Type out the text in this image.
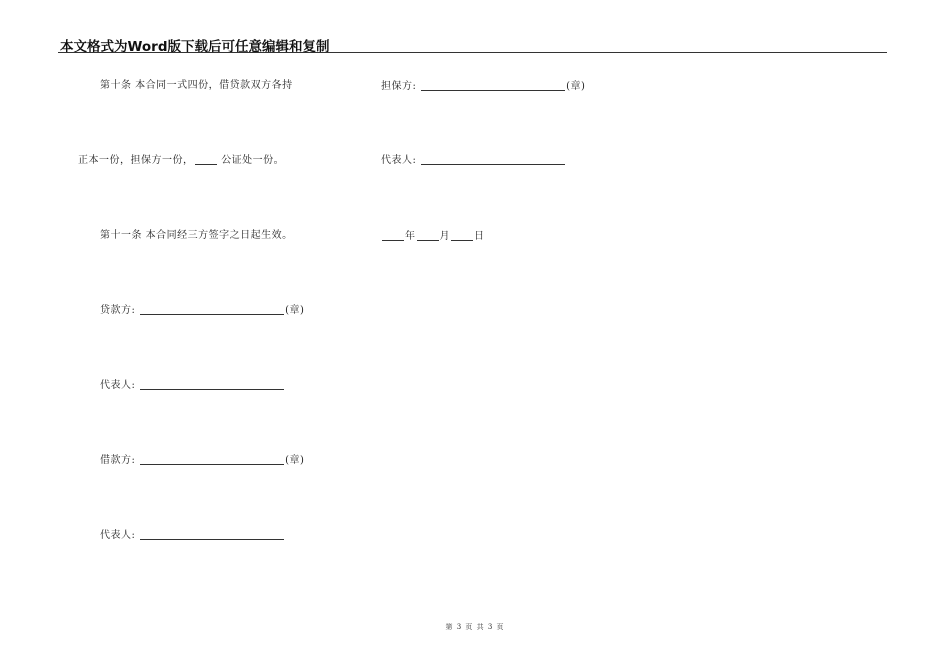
本文格式为Word版下载后可任意编辑和复制
第十条 本合同一式四份，借贷款双方各持
正本一份，担保方一份，	公证处一份。
第十一条 本合同经三方签字之日起生效。
贷款方:	(章)
代表人:
借款方:	(章)
代表人:
担保方:	(章)
代表人:
年 月 日
第 3 页 共 3 页
